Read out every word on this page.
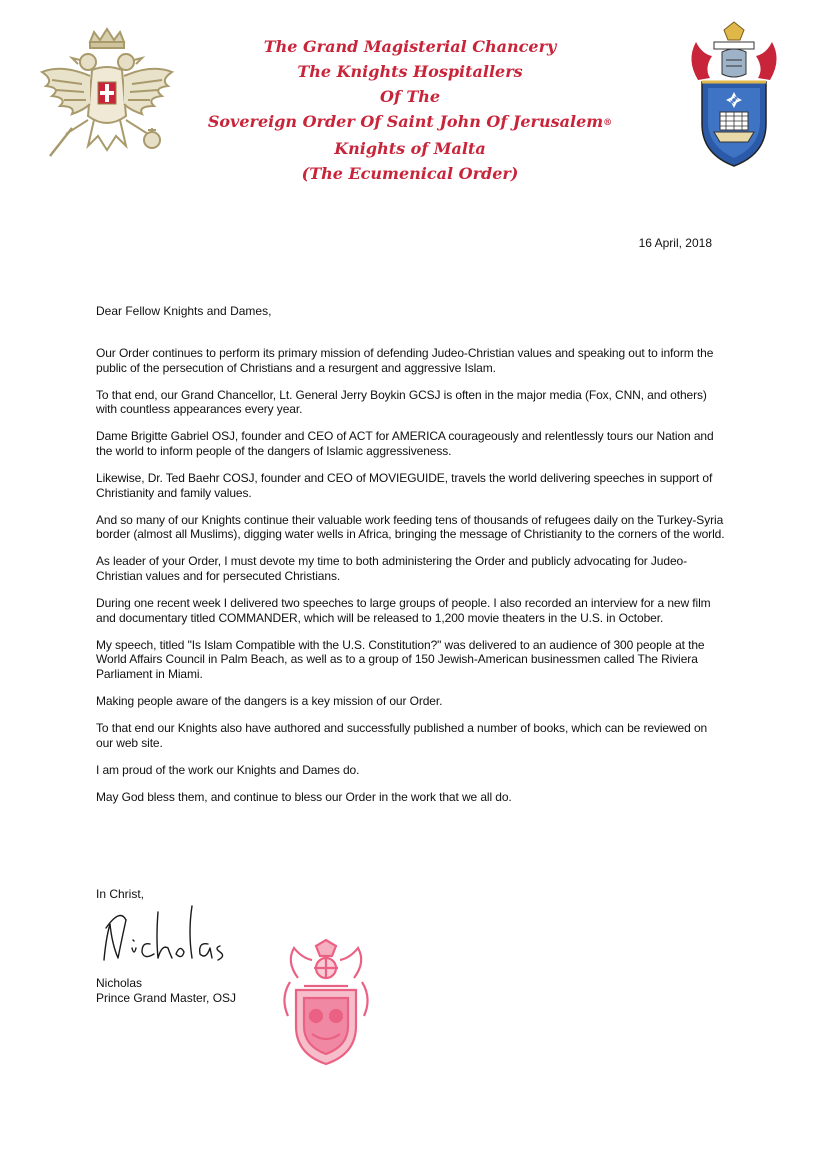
The Grand Magisterial Chancery
The Knights Hospitallers
Of The
Sovereign Order Of Saint John Of Jerusalem®
Knights of Malta
(The Ecumenical Order)
16 April, 2018
Dear Fellow Knights and Dames,

Our Order continues to perform its primary mission of defending Judeo-Christian values and speaking out to inform the public of the persecution of Christians and a resurgent and aggressive Islam.

To that end, our Grand Chancellor, Lt. General Jerry Boykin GCSJ is often in the major media (Fox, CNN, and others) with countless appearances every year.

Dame Brigitte Gabriel OSJ, founder and CEO of ACT for AMERICA courageously and relentlessly tours our Nation and the world to inform people of the dangers of Islamic aggressiveness.

Likewise, Dr. Ted Baehr COSJ, founder and CEO of MOVIEGUIDE, travels the world delivering speeches in support of Christianity and family values.

And so many of our Knights continue their valuable work feeding tens of thousands of refugees daily on the Turkey-Syria border (almost all Muslims), digging water wells in Africa, bringing the message of Christianity to the corners of the world.

As leader of your Order, I must devote my time to both administering the Order and publicly advocating for Judeo-Christian values and for persecuted Christians.

During one recent week I delivered two speeches to large groups of people. I also recorded an interview for a new film and documentary titled COMMANDER, which will be released to 1,200 movie theaters in the U.S. in October.

My speech, titled "Is Islam Compatible with the U.S. Constitution?" was delivered to an audience of 300 people at the World Affairs Council in Palm Beach, as well as to a group of 150 Jewish-American businessmen called The Riviera Parliament in Miami.

Making people aware of the dangers is a key mission of our Order.

To that end our Knights also have authored and successfully published a number of books, which can be reviewed on our web site.

I am proud of the work our Knights and Dames do.

May God bless them, and continue to bless our Order in the work that we all do.

In Christ,
Nicholas
Prince Grand Master, OSJ
